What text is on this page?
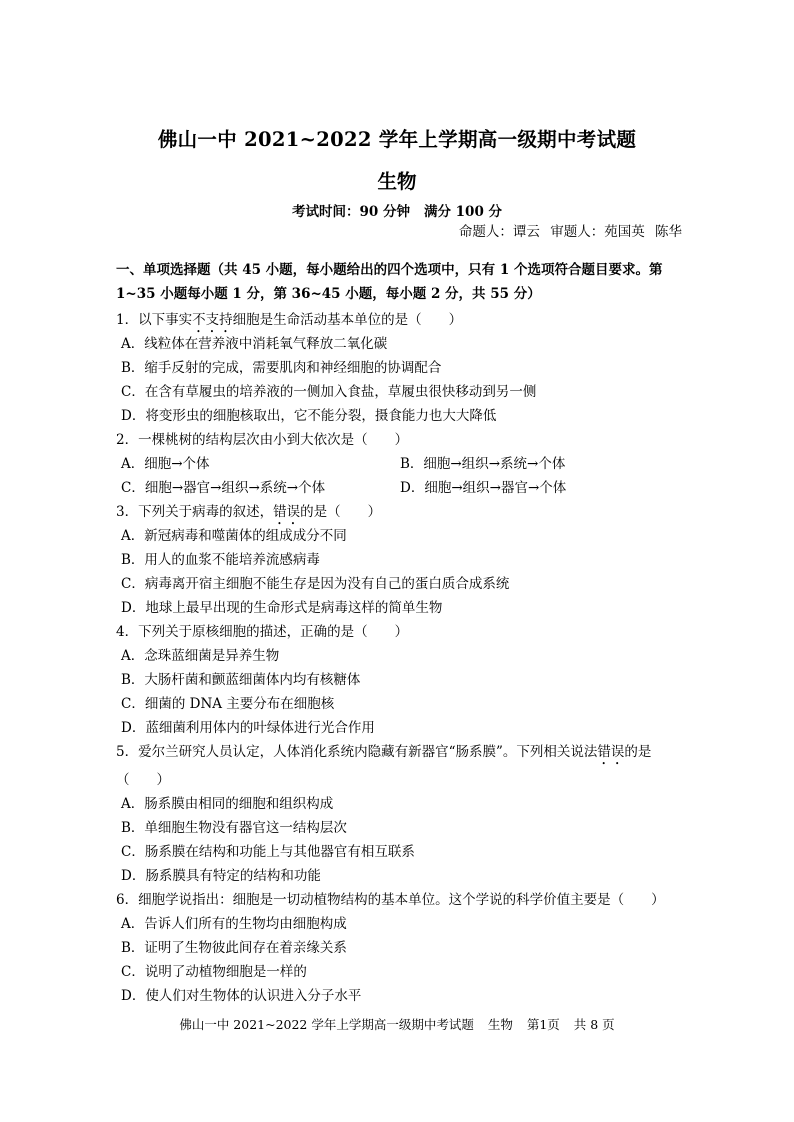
佛山一中 2021~2022 学年上学期高一级期中考试题
生物
考试时间：90 分钟 满分 100 分
命题人：谭云 审题人：苑国英 陈华
一、单项选择题（共 45 小题，每小题给出的四个选项中，只有 1 个选项符合题目要求。第 1~35 小题每小题 1 分，第 36~45 小题，每小题 2 分，共 55 分）
1．以下事实不支持细胞是生命活动基本单位的是（　　）
A．线粒体在营养液中消耗氧气释放二氧化碳
B．缩手反射的完成，需要肌肉和神经细胞的协调配合
C．在含有草履虫的培养液的一侧加入食盐，草履虫很快移动到另一侧
D．将变形虫的细胞核取出，它不能分裂，摄食能力也大大降低
2．一棵桃树的结构层次由小到大依次是（　　）
A．细胞→个体	B．细胞→组织→系统→个体
C．细胞→器官→组织→系统→个体	D．细胞→组织→器官→个体
3．下列关于病毒的叙述，错误的是（　　）
A．新冠病毒和噬菌体的组成成分不同
B．用人的血浆不能培养流感病毒
C．病毒离开宿主细胞不能生存是因为没有自己的蛋白质合成系统
D．地球上最早出现的生命形式是病毒这样的简单生物
4．下列关于原核细胞的描述，正确的是（　　）
A．念珠蓝细菌是异养生物
B．大肠杆菌和颤蓝细菌体内均有核糖体
C．细菌的 DNA 主要分布在细胞核
D．蓝细菌利用体内的叶绿体进行光合作用
5．爱尔兰研究人员认定，人体消化系统内隐藏有新器官“肠系膜”。下列相关说法错误的是（　　）
A．肠系膜由相同的细胞和组织构成
B．单细胞生物没有器官这一结构层次
C．肠系膜在结构和功能上与其他器官有相互联系
D．肠系膜具有特定的结构和功能
6．细胞学说指出：细胞是一切动植物结构的基本单位。这个学说的科学价值主要是（　　）
A．告诉人们所有的生物均由细胞构成
B．证明了生物彼此间存在着亲缘关系
C．说明了动植物细胞是一样的
D．使人们对生物体的认识进入分子水平
佛山一中 2021~2022 学年上学期高一级期中考试题 生物 第1页 共 8 页
